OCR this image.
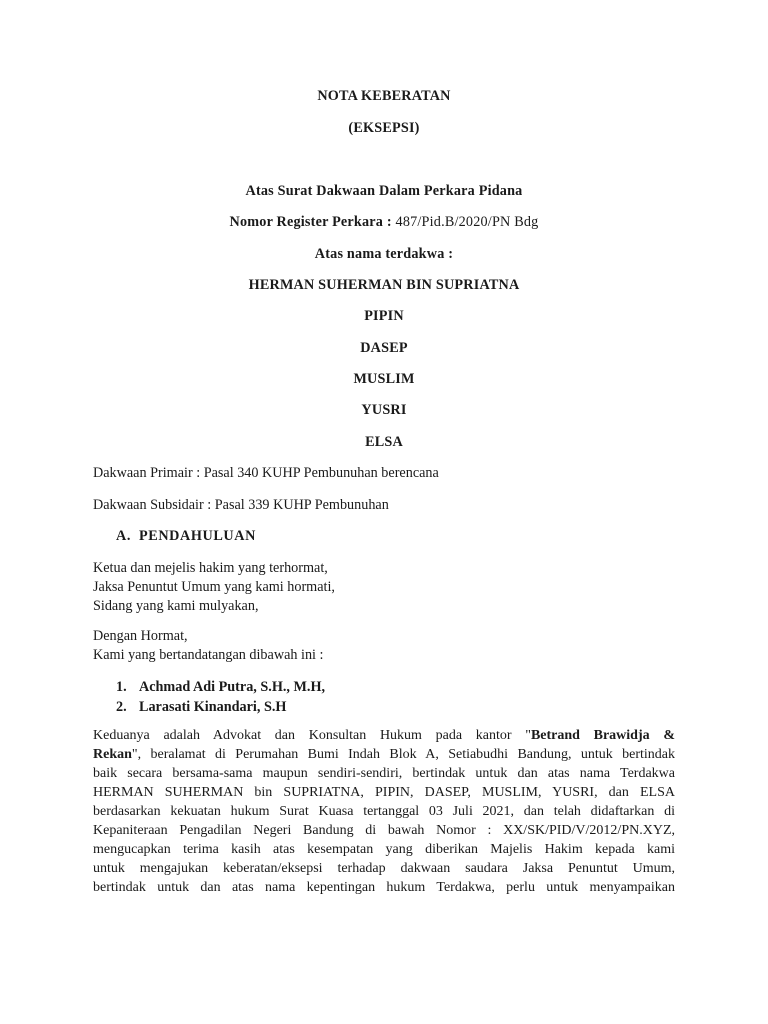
NOTA KEBERATAN
(EKSEPSI)
Atas Surat Dakwaan Dalam Perkara Pidana
Nomor Register Perkara : 487/Pid.B/2020/PN Bdg
Atas nama terdakwa :
HERMAN SUHERMAN BIN SUPRIATNA
PIPIN
DASEP
MUSLIM
YUSRI
ELSA
Dakwaan Primair : Pasal 340 KUHP Pembunuhan berencana
Dakwaan Subsidair : Pasal 339 KUHP Pembunuhan
A. PENDAHULUAN
Ketua dan mejelis hakim yang terhormat,
Jaksa Penuntut Umum yang kami hormati,
Sidang yang kami mulyakan,
Dengan Hormat,
Kami yang bertandatangan dibawah ini :
1. Achmad Adi Putra, S.H., M.H,
2. Larasati Kinandari, S.H
Keduanya adalah Advokat dan Konsultan Hukum pada kantor "Betrand Brawidja &
Rekan", beralamat di Perumahan Bumi Indah Blok A, Setiabudhi Bandung, untuk bertindak
baik secara bersama-sama maupun sendiri-sendiri, bertindak untuk dan atas nama Terdakwa
HERMAN SUHERMAN bin SUPRIATNA, PIPIN, DASEP, MUSLIM, YUSRI, dan ELSA
berdasarkan kekuatan hukum Surat Kuasa tertanggal 03 Juli 2021, dan telah didaftarkan di
Kepaniteraan Pengadilan Negeri Bandung di bawah Nomor : XX/SK/PID/V/2012/PN.XYZ,
mengucapkan terima kasih atas kesempatan yang diberikan Majelis Hakim kepada kami
untuk mengajukan keberatan/eksepsi terhadap dakwaan saudara Jaksa Penuntut Umum,
bertindak untuk dan atas nama kepentingan hukum Terdakwa, perlu untuk menyampaikan
